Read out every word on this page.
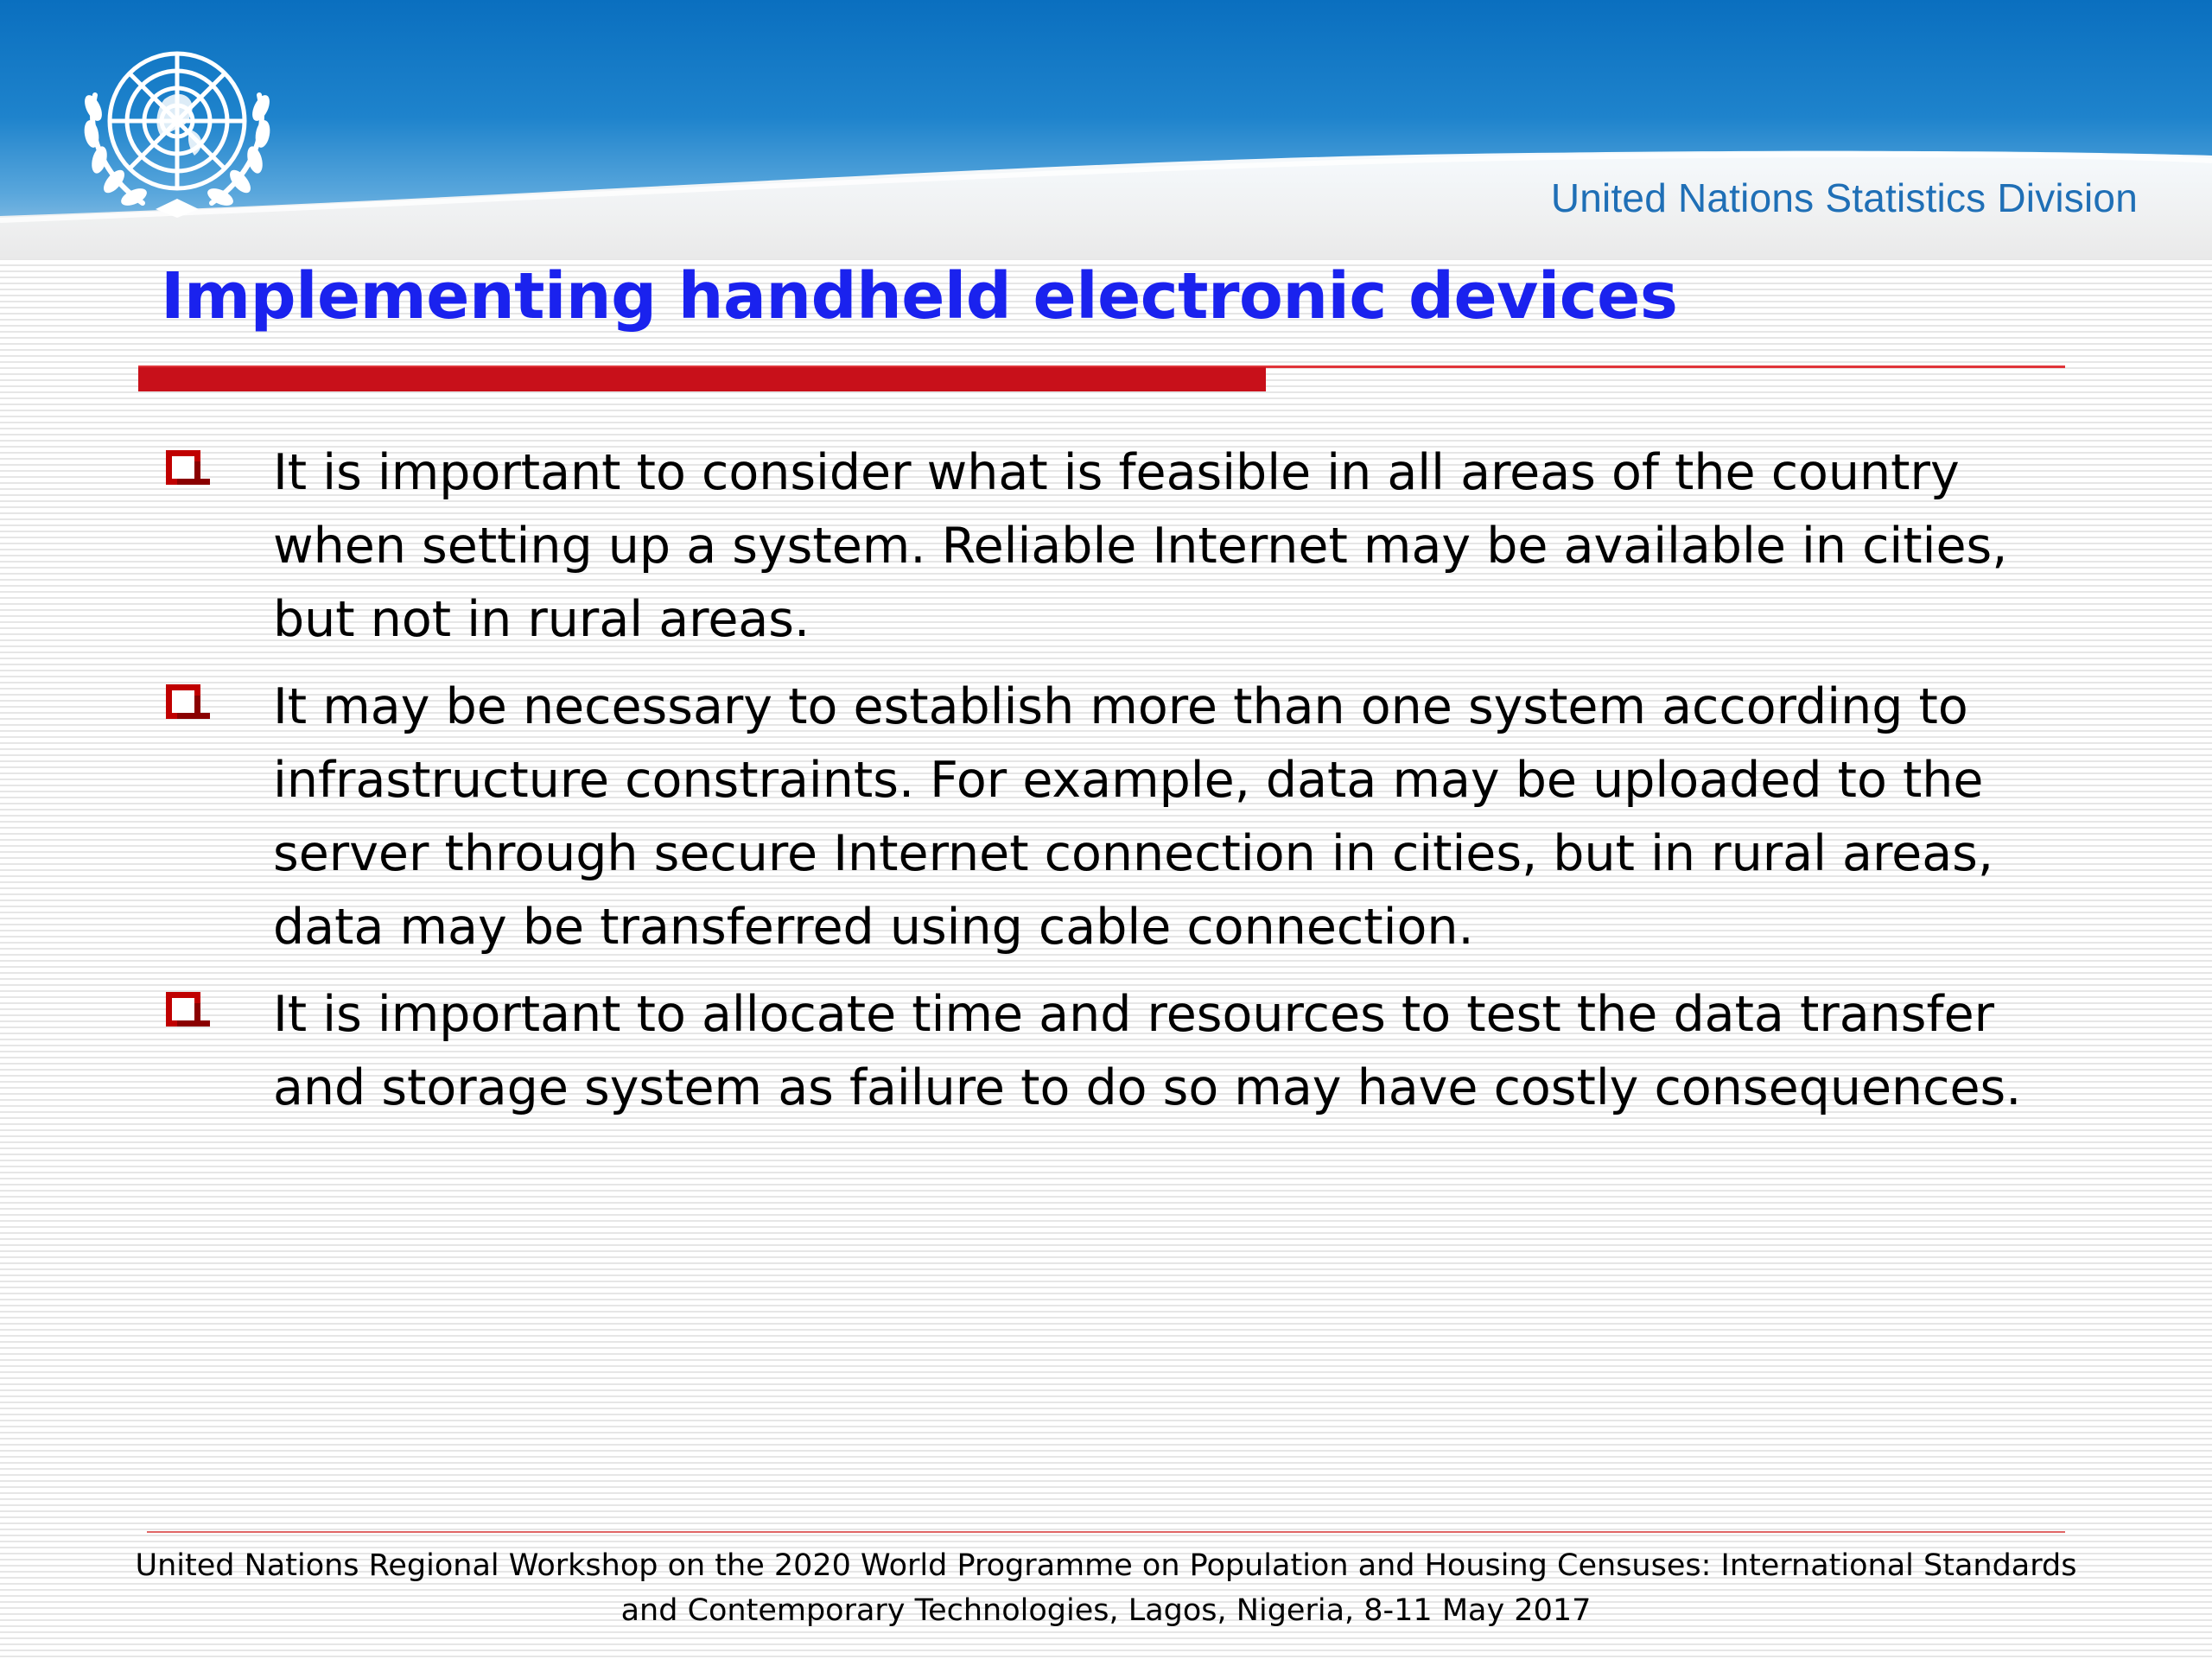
United Nations Statistics Division
Implementing handheld electronic devices
It is important to consider what is feasible in all areas of the country when setting up a system. Reliable Internet may be available in cities, but not in rural areas.
It may be necessary to establish more than one system according to infrastructure constraints. For example, data may be uploaded to the server through secure Internet connection in cities, but in rural areas, data may be transferred using cable connection.
It is important to allocate time and resources to test the data transfer and storage system as failure to do so may have costly consequences.
United Nations Regional Workshop on the 2020 World Programme on Population and Housing Censuses: International Standards
and Contemporary Technologies, Lagos, Nigeria, 8-11 May 2017
